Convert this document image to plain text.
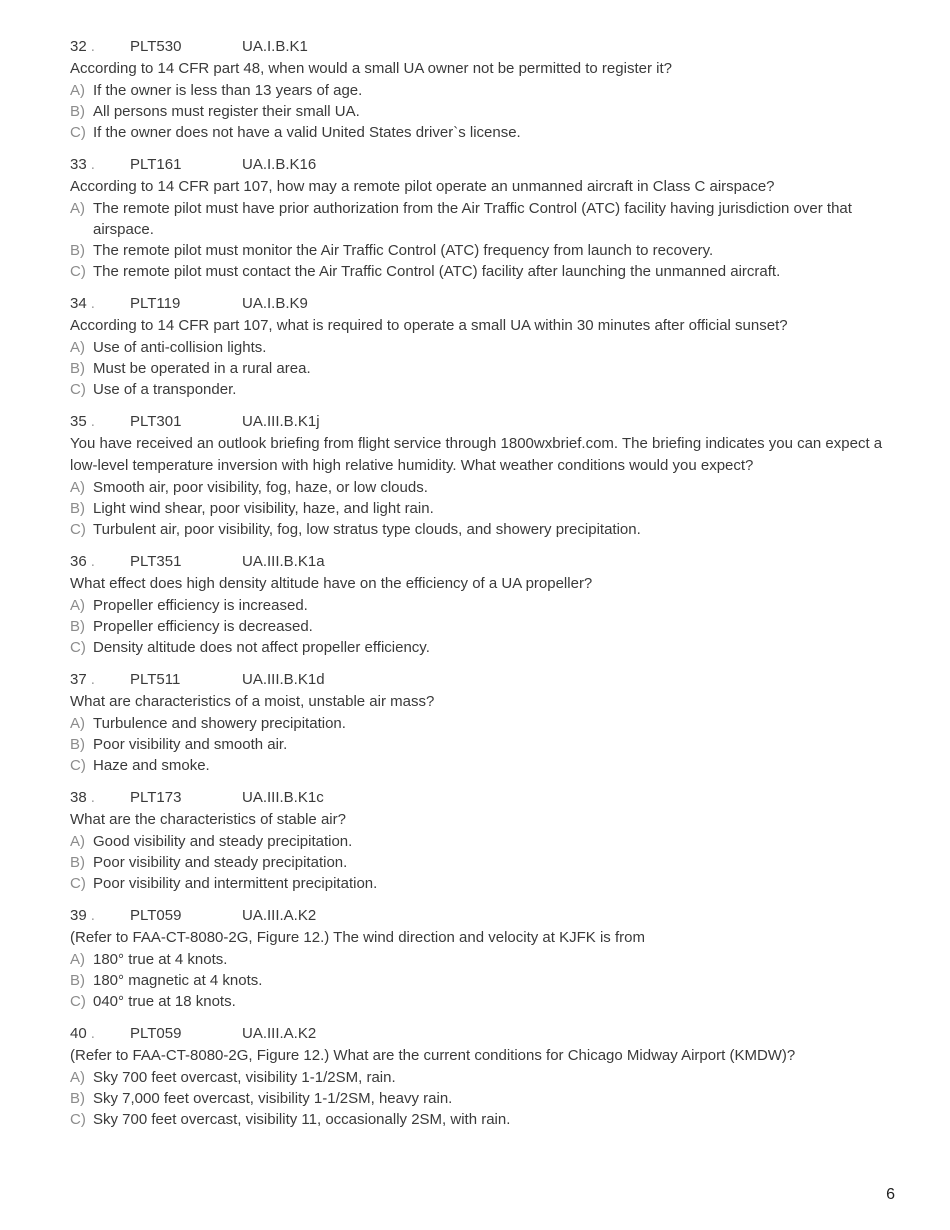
32 .	PLT530	UA.I.B.K1

According to 14 CFR part 48, when would a small UA owner not be permitted to register it?

A) If the owner is less than 13 years of age.
B) All persons must register their small UA.
C) If the owner does not have a valid United States driver`s license.
33 .	PLT161	UA.I.B.K16

According to 14 CFR part 107, how may a remote pilot operate an unmanned aircraft in Class C airspace?

A) The remote pilot must have prior authorization from the Air Traffic Control (ATC) facility having jurisdiction over that airspace.
B) The remote pilot must monitor the Air Traffic Control (ATC) frequency from launch to recovery.
C) The remote pilot must contact the Air Traffic Control (ATC) facility after launching the unmanned aircraft.
34 .	PLT119	UA.I.B.K9

According to 14 CFR part 107, what is required to operate a small UA within 30 minutes after official sunset?

A) Use of anti-collision lights.
B) Must be operated in a rural area.
C) Use of a transponder.
35 .	PLT301	UA.III.B.K1j

You have received an outlook briefing from flight service through 1800wxbrief.com. The briefing indicates you can expect a low-level temperature inversion with high relative humidity. What weather conditions would you expect?

A) Smooth air, poor visibility, fog, haze, or low clouds.
B) Light wind shear, poor visibility, haze, and light rain.
C) Turbulent air, poor visibility, fog, low stratus type clouds, and showery precipitation.
36 .	PLT351	UA.III.B.K1a

What effect does high density altitude have on the efficiency of a UA propeller?

A) Propeller efficiency is increased.
B) Propeller efficiency is decreased.
C) Density altitude does not affect propeller efficiency.
37 .	PLT511	UA.III.B.K1d

What are characteristics of a moist, unstable air mass?

A) Turbulence and showery precipitation.
B) Poor visibility and smooth air.
C) Haze and smoke.
38 .	PLT173	UA.III.B.K1c

What are the characteristics of stable air?

A) Good visibility and steady precipitation.
B) Poor visibility and steady precipitation.
C) Poor visibility and intermittent precipitation.
39 .	PLT059	UA.III.A.K2

(Refer to FAA-CT-8080-2G, Figure 12.) The wind direction and velocity at KJFK is from

A) 180° true at 4 knots.
B) 180° magnetic at 4 knots.
C) 040° true at 18 knots.
40 .	PLT059	UA.III.A.K2

(Refer to FAA-CT-8080-2G, Figure 12.) What are the current conditions for Chicago Midway Airport (KMDW)?

A) Sky 700 feet overcast, visibility 1-1/2SM, rain.
B) Sky 7,000 feet overcast, visibility 1-1/2SM, heavy rain.
C) Sky 700 feet overcast, visibility 11, occasionally 2SM, with rain.
6
